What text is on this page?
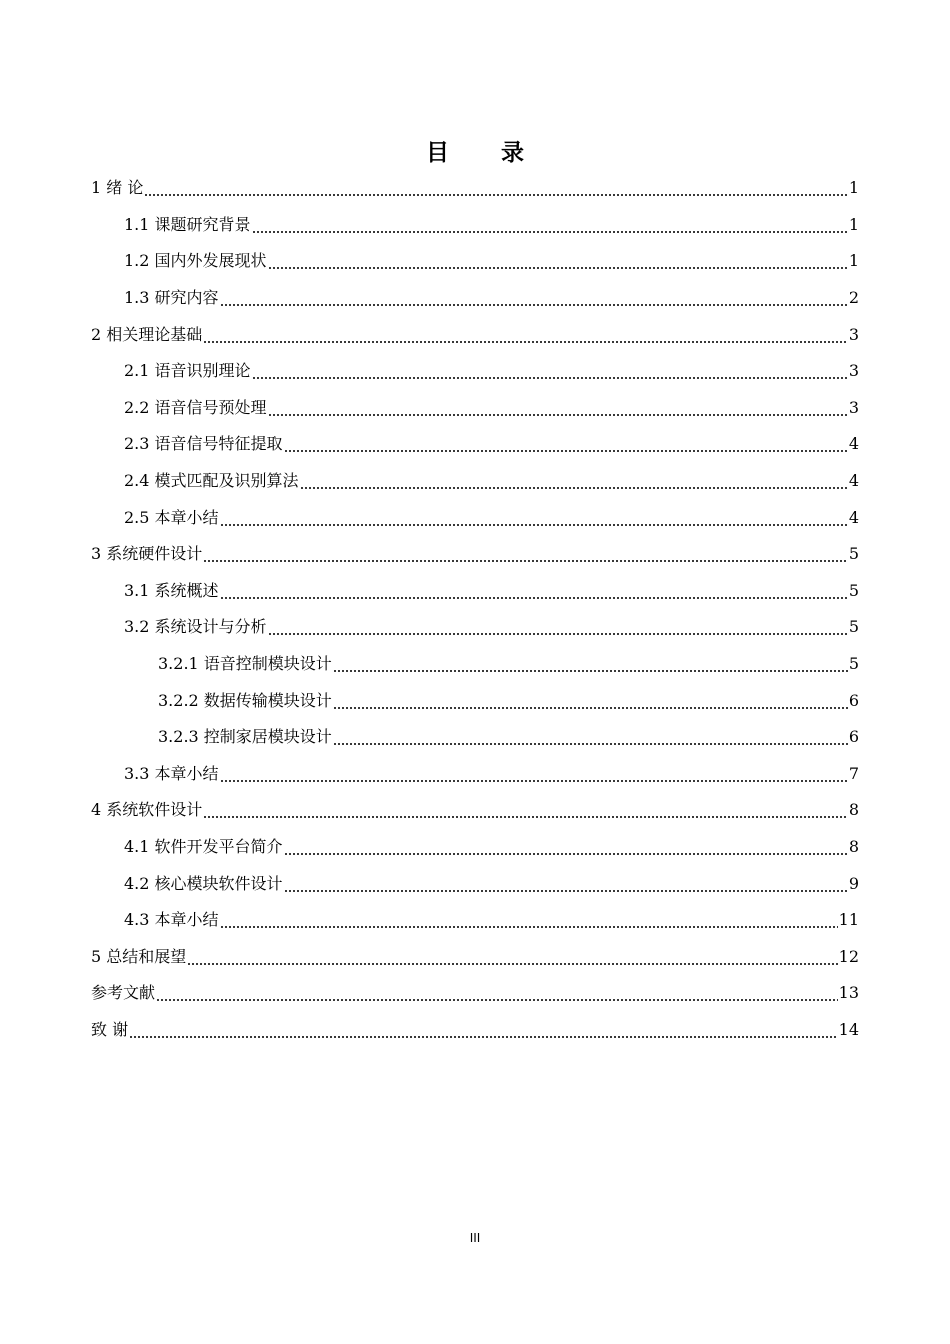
目 录
1 绪 论	1
1.1 课题研究背景	1
1.2 国内外发展现状	1
1.3 研究内容	2
2 相关理论基础	3
2.1 语音识别理论	3
2.2 语音信号预处理	3
2.3 语音信号特征提取	4
2.4 模式匹配及识别算法	4
2.5 本章小结	4
3 系统硬件设计	5
3.1 系统概述	5
3.2 系统设计与分析	5
3.2.1 语音控制模块设计	5
3.2.2 数据传输模块设计	6
3.2.3 控制家居模块设计	6
3.3 本章小结	7
4 系统软件设计	8
4.1 软件开发平台简介	8
4.2 核心模块软件设计	9
4.3 本章小结	11
5 总结和展望	12
参考文献	13
致 谢	14
III
